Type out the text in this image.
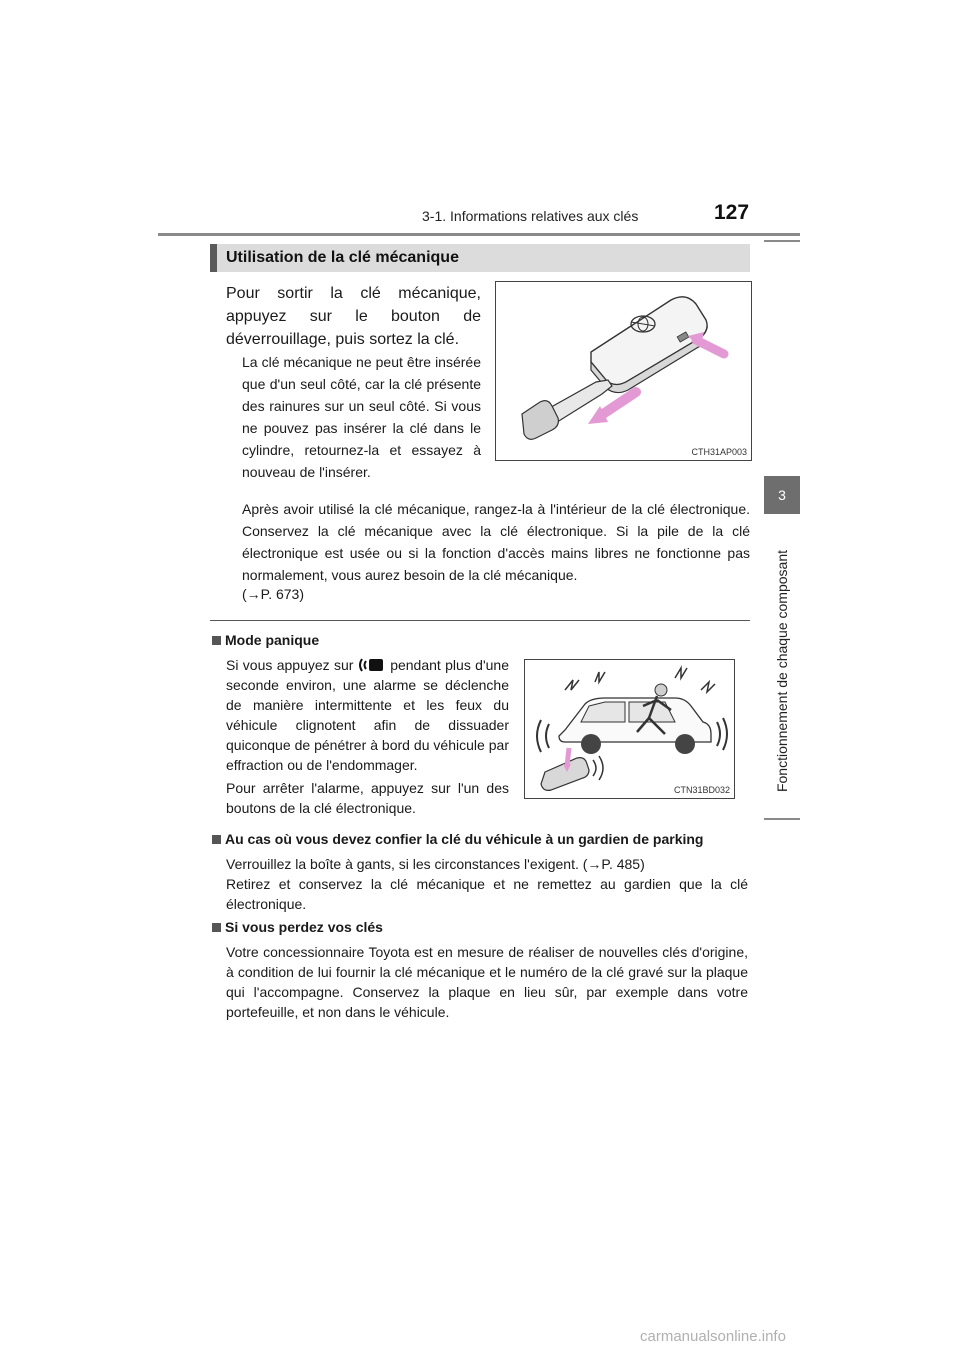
3-1. Informations relatives aux clés	127
3
Fonctionnement de chaque composant
Utilisation de la clé mécanique
Pour sortir la clé mécanique, appuyez sur le bouton de déverrouillage, puis sortez la clé.
La clé mécanique ne peut être insérée que d'un seul côté, car la clé présente des rainures sur un seul côté. Si vous ne pouvez pas insérer la clé dans le cylindre, retournez-la et essayez à nouveau de l'insérer.
CTH31AP003
Après avoir utilisé la clé mécanique, rangez-la à l'intérieur de la clé électronique. Conservez la clé mécanique avec la clé électronique. Si la pile de la clé électronique est usée ou si la fonction d'accès mains libres ne fonctionne pas normalement, vous aurez besoin de la clé mécanique.
(→P. 673)
Mode panique
Si vous appuyez sur	pendant plus d'une seconde environ, une alarme se déclenche de manière intermittente et les feux du véhicule clignotent afin de dissuader quiconque de pénétrer à bord du véhicule par effraction ou de l'endommager.
Pour arrêter l'alarme, appuyez sur l'un des boutons de la clé électronique.
CTN31BD032
Au cas où vous devez confier la clé du véhicule à un gardien de parking
Verrouillez la boîte à gants, si les circonstances l'exigent. (→P. 485)
Retirez et conservez la clé mécanique et ne remettez au gardien que la clé électronique.
Si vous perdez vos clés
Votre concessionnaire Toyota est en mesure de réaliser de nouvelles clés d'origine, à condition de lui fournir la clé mécanique et le numéro de la clé gravé sur la plaque qui l'accompagne. Conservez la plaque en lieu sûr, par exemple dans votre portefeuille, et non dans le véhicule.
carmanualsonline.info
